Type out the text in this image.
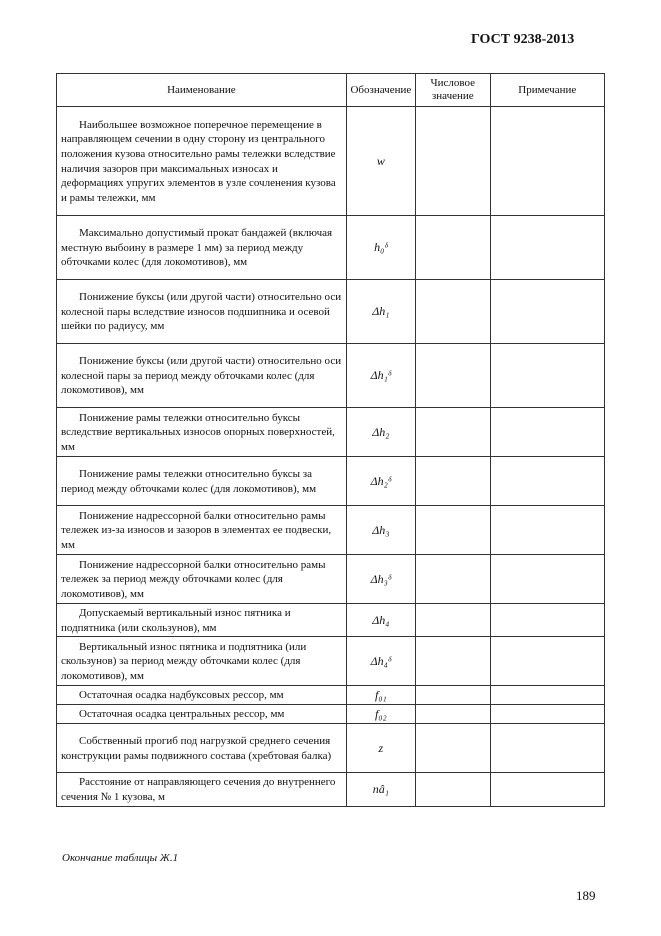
ГОСТ 9238-2013
Наименование	Обозначение	Числовое значение	Примечание

Наибольшее возможное поперечное перемещение в направляющем сечении в одну сторону из центрального положения кузова относительно рамы тележки вследствие наличия зазоров при максимальных износах и деформациях упругих элементов в узле сочленения кузова и рамы тележки, мм	w		

Максимально допустимый прокат бандажей (включая местную выбоину в размере 1 мм) за период между обточками колес (для локомотивов), мм	h₀ᵟ		

Понижение буксы (или другой части) относительно оси колесной пары вследствие износов подшипника и осевой шейки по радиусу, мм	Δh₁		

Понижение буксы (или другой части) относительно оси колесной пары за период между обточками колес (для локомотивов), мм	Δh₁ᵟ		

Понижение рамы тележки относительно буксы вследствие вертикальных износов опорных поверхностей, мм	Δh₂		

Понижение рамы тележки относительно буксы за период между обточками колес (для локомотивов), мм	Δh₂ᵟ		

Понижение надрессорной балки относительно рамы тележек из-за износов и зазоров в элементах ее подвески, мм	Δh₃		

Понижение надрессорной балки относительно рамы тележек за период между обточками колес (для локомотивов), мм	Δh₃ᵟ		

Допускаемый вертикальный износ пятника и подпятника (или скользунов), мм	Δh₄		

Вертикальный износ пятника и подпятника (или скользунов) за период между обточками колес (для локомотивов), мм	Δh₄ᵟ		

Остаточная осадка надбуксовых рессор, мм	f₀₁		

Остаточная осадка центральных рессор, мм	f₀₂		

Собственный прогиб под нагрузкой среднего сечения конструкции рамы подвижного состава (хребтовая балка)	z		

Расстояние от направляющего сечения до внутреннего сечения № 1 кузова, м	nâ₁		
Окончание таблицы Ж.1
189
